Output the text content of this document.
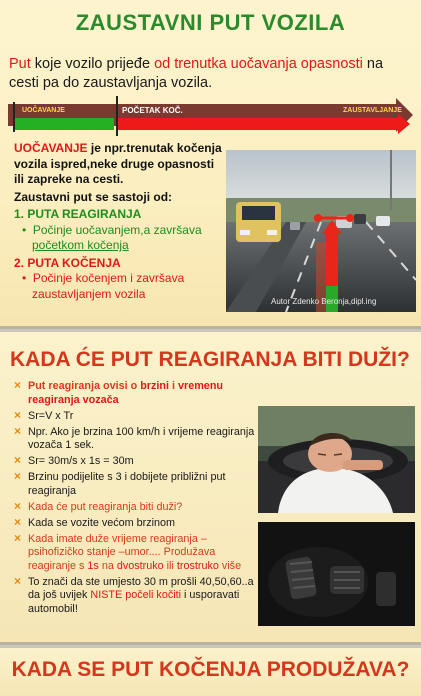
ZAUSTAVNI PUT VOZILA
Put koje vozilo prijeđe od trenutka uočavanja opasnosti na cesti pa do zaustavljanja vozila.
UOČAVANJE	POČETAK KOČ.	ZAUSTAVLJANJE

UOČAVANJE je npr.trenutak kočenja vozila ispred,neke druge opasnosti ili zapreke na cesti.

Zaustavni put se sastoji od:

1. PUTA REAGIRANJA

• Počinje uočavanjem,a završava početkom kočenja

2. PUTA KOČENJA

• Počinje kočenjem i završava zaustavljanjem vozila

Autor Zdenko Beronja,dipl.ing
KADA ĆE PUT REAGIRANJA BITI DUŽI?
× Put reagiranja ovisi o brzini i vremenu reagiranja vozača
× Sr=V x Tr
× Npr. Ako je brzina 100 km/h i vrijeme reagiranja vozača 1 sek.
× Sr= 30m/s x 1s = 30m
× Brzinu podijelite s 3 i dobijete približni put reagiranja
× Kada će put reagiranja biti duži?
× Kada se vozite većom brzinom
× Kada imate duže vrijeme reagiranja – psihofizičko stanje –umor.... Produžava reagiranje s 1s na dvostruko ili trostruko više
× To znači da ste umjesto 30 m prošli 40,50,60..a da još uvijek NISTE počeli kočiti i usporavati automobil!
KADA SE PUT KOČENJA PRODUŽAVA?
